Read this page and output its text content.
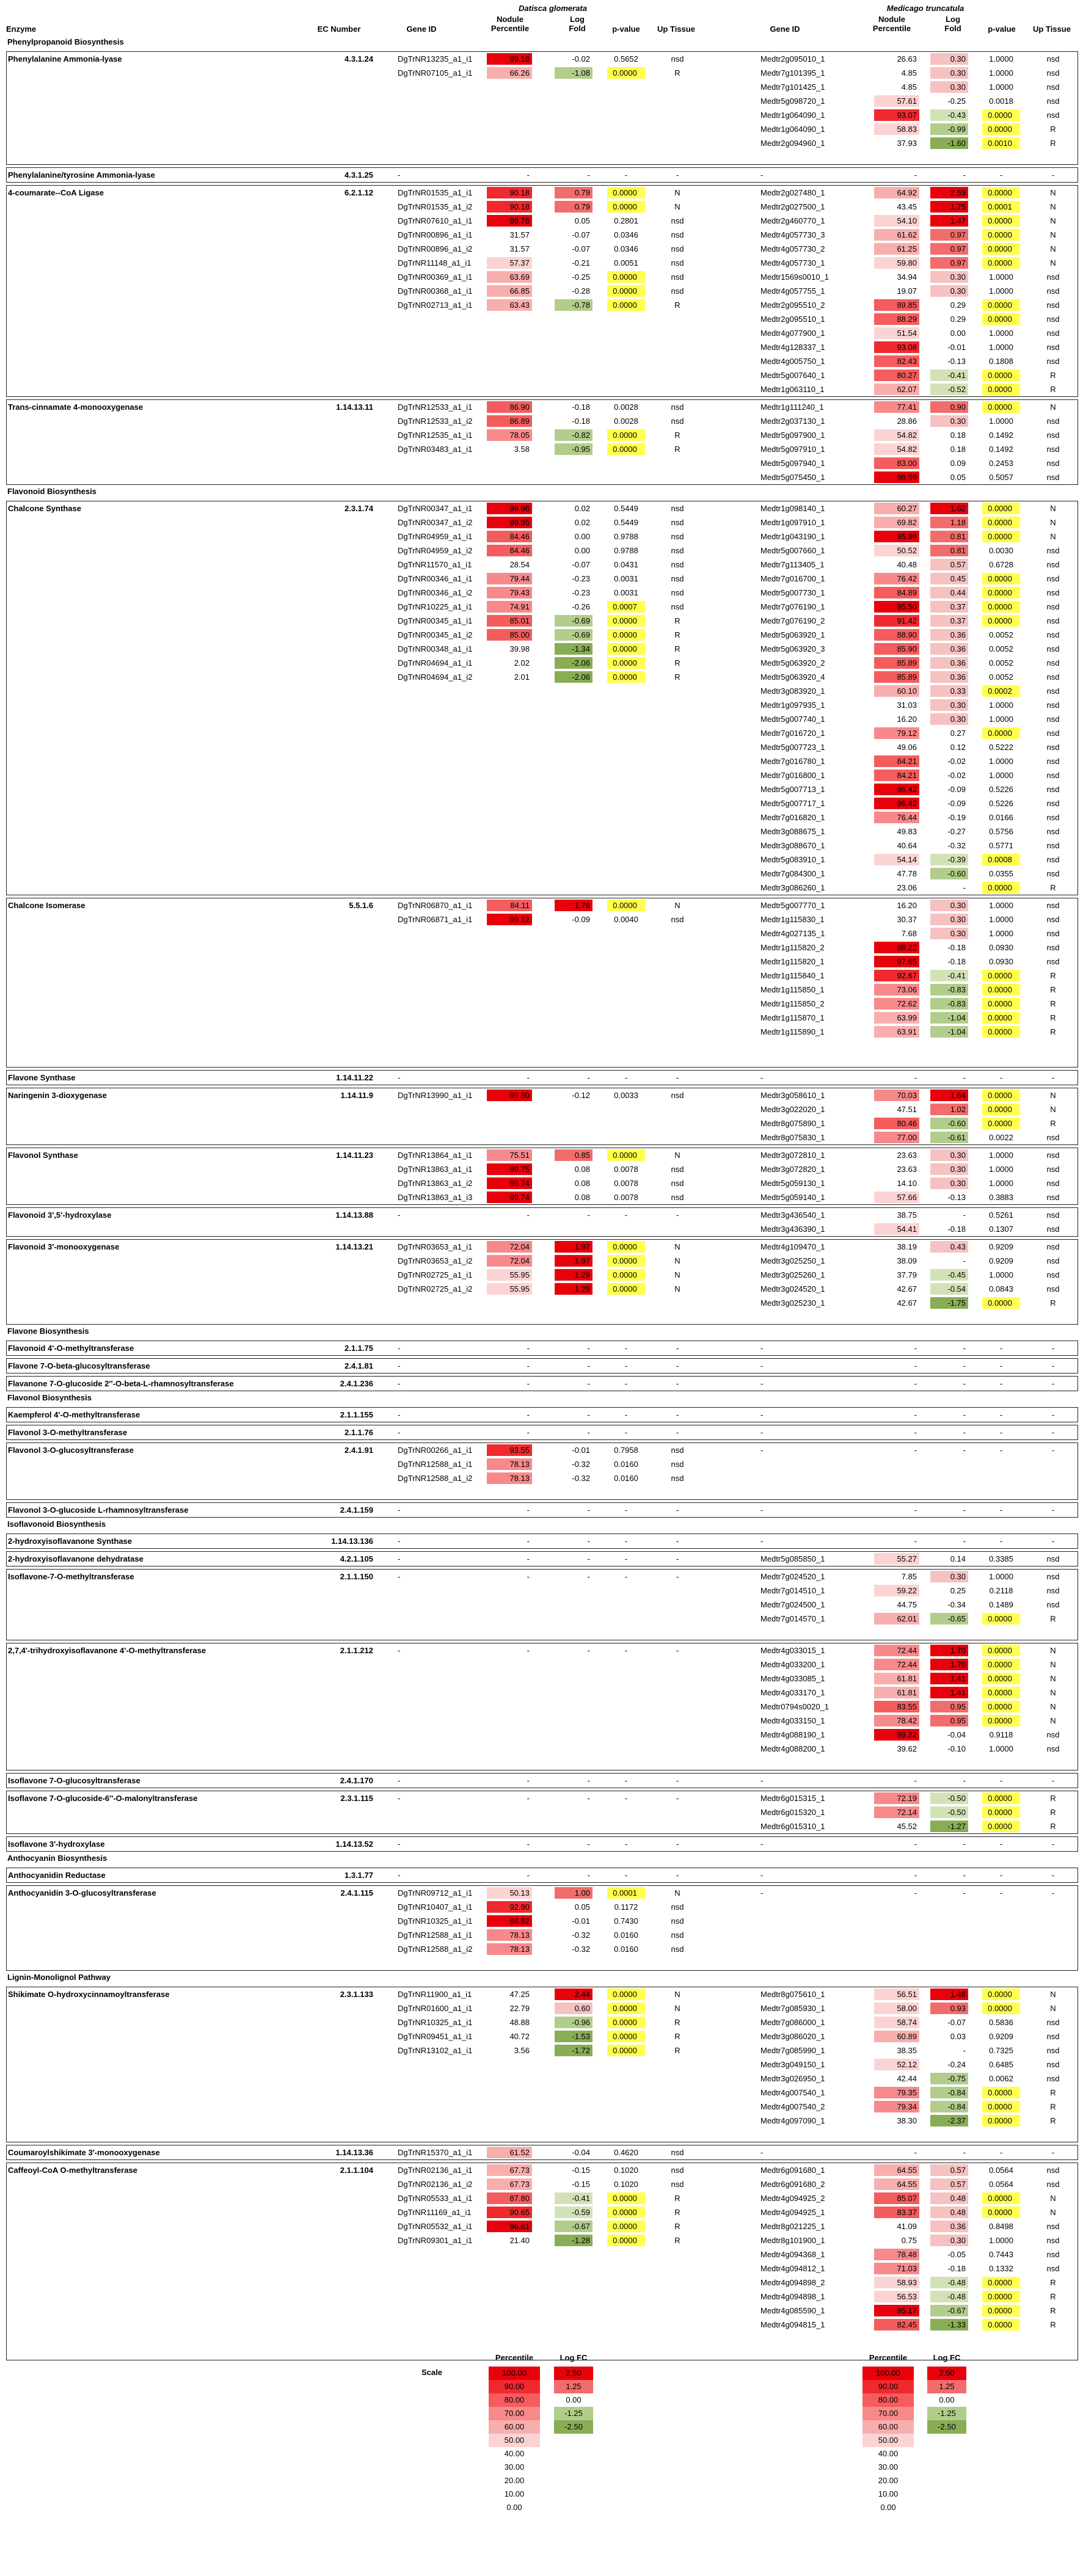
Datisca glomerata	Medicago truncatula
Enzyme	EC Number	Gene ID
Nodule
Percentile
Log
Fold	p-value	Up Tissue	Gene ID
Nodule
Percentile
Log
Fold	p-value	Up Tissue
Phenylpropanoid Biosynthesis
Phenylalanine Ammonia-lyase	4.3.1.24	DgTrNR13235_a1_i1	99.18	-0.02	0.5652	nsd	Medtr2g095010_1	26.63	0.30	1.0000	nsd
DgTrNR07105_a1_i1	66.26	-1.08	0.0000	R	Medtr7g101395_1	4.85	0.30	1.0000	nsd
Medtr7g101425_1	4.85	0.30	1.0000	nsd
Medtr5g098720_1	57.61	-0.25	0.0018	nsd
Medtr1g064090_1	93.07	-0.43	0.0000	nsd
Medtr1g064090_1	58.83	-0.99	0.0000	R
Medtr2g094960_1	37.93	-1.60	0.0010	R
Phenylalanine/tyrosine Ammonia-lyase	4.3.1.25	-	-	-	-	-	-	-	-	-	-
4-coumarate--CoA Ligase	6.2.1.12	DgTrNR01535_a1_i1	90.18	0.79	0.0000	N	Medtr2g027480_1	64.92	2.59	0.0000	N
DgTrNR01535_a1_i2	90.18	0.79	0.0000	N	Medtr2g027500_1	43.45	1.75	0.0001	N
DgTrNR07610_a1_i1	98.76	0.05	0.2801	nsd	Medtr2g460770_1	54.10	1.47	0.0000	N
DgTrNR00896_a1_i1	31.57	-0.07	0.0346	nsd	Medtr4g057730_3	61.62	0.97	0.0000	N
DgTrNR00896_a1_i2	31.57	-0.07	0.0346	nsd	Medtr4g057730_2	61.25	0.97	0.0000	N
DgTrNR11148_a1_i1	57.37	-0.21	0.0051	nsd	Medtr4g057730_1	59.80	0.97	0.0000	N
DgTrNR00369_a1_i1	63.69	-0.25	0.0000	nsd	Medtr1569s0010_1	34.94	0.30	1.0000	nsd
DgTrNR00368_a1_i1	66.85	-0.28	0.0000	nsd	Medtr4g057755_1	19.07	0.30	1.0000	nsd
DgTrNR02713_a1_i1	63.43	-0.78	0.0000	R	Medtr2g095510_2	89.85	0.29	0.0000	nsd
Medtr2g095510_1	88.29	0.29	0.0000	nsd
Medtr4g077900_1	51.54	0.00	1.0000	nsd
Medtr4g128337_1	93.08	-0.01	1.0000	nsd
Medtr4g005750_1	82.43	-0.13	0.1808	nsd
Medtr5g007640_1	80.27	-0.41	0.0000	R
Medtr1g063110_1	62.07	-0.52	0.0000	R
Trans-cinnamate 4-monooxygenase	1.14.13.11	DgTrNR12533_a1_i1	86.90	-0.18	0.0028	nsd	Medtr1g111240_1	77.41	0.90	0.0000	N
DgTrNR12533_a1_i2	86.89	-0.18	0.0028	nsd	Medtr2g037130_1	28.86	0.30	1.0000	nsd
DgTrNR12535_a1_i1	78.05	-0.82	0.0000	R	Medtr5g097900_1	54.82	0.18	0.1492	nsd
DgTrNR03483_a1_i1	3.58	-0.95	0.0000	R	Medtr5g097910_1	54.82	0.18	0.1492	nsd
Medtr5g097940_1	83.00	0.09	0.2453	nsd
Medtr5g075450_1	98.59	0.05	0.5057	nsd
Flavonoid Biosynthesis
Chalcone Synthase	2.3.1.74	DgTrNR00347_a1_i1	99.96	0.02	0.5449	nsd	Medtr1g098140_1	60.27	1.62	0.0000	N
DgTrNR00347_a1_i2	99.95	0.02	0.5449	nsd	Medtr1g097910_1	69.82	1.18	0.0000	N
DgTrNR04959_a1_i1	84.46	0.00	0.9788	nsd	Medtr1g043190_1	95.98	0.81	0.0000	N
DgTrNR04959_a1_i2	84.46	0.00	0.9788	nsd	Medtr5g007660_1	50.52	0.81	0.0030	nsd
DgTrNR11570_a1_i1	28.54	-0.07	0.0431	nsd	Medtr7g113405_1	40.48	0.57	0.6728	nsd
DgTrNR00346_a1_i1	79.44	-0.23	0.0031	nsd	Medtr7g016700_1	76.42	0.45	0.0000	nsd
DgTrNR00346_a1_i2	79.43	-0.23	0.0031	nsd	Medtr5g007730_1	84.89	0.44	0.0000	nsd
DgTrNR10225_a1_i1	74.91	-0.26	0.0007	nsd	Medtr7g076190_1	95.50	0.37	0.0000	nsd
DgTrNR00345_a1_i1	85.01	-0.69	0.0000	R	Medtr7g076190_2	91.42	0.37	0.0000	nsd
DgTrNR00345_a1_i2	85.00	-0.69	0.0000	R	Medtr5g063920_1	88.90	0.36	0.0052	nsd
DgTrNR00348_a1_i1	39.98	-1.34	0.0000	R	Medtr5g063920_3	85.90	0.36	0.0052	nsd
DgTrNR04694_a1_i1	2.02	-2.06	0.0000	R	Medtr5g063920_2	85.89	0.36	0.0052	nsd
DgTrNR04694_a1_i2	2.01	-2.06	0.0000	R	Medtr5g063920_4	85.89	0.36	0.0052	nsd
Medtr3g083920_1	60.10	0.33	0.0002	nsd
Medtr1g097935_1	31.03	0.30	1.0000	nsd
Medtr5g007740_1	16.20	0.30	1.0000	nsd
Medtr7g016720_1	79.12	0.27	0.0000	nsd
Medtr5g007723_1	49.06	0.12	0.5222	nsd
Medtr7g016780_1	84.21	-0.02	1.0000	nsd
Medtr7g016800_1	84.21	-0.02	1.0000	nsd
Medtr5g007713_1	96.42	-0.09	0.5226	nsd
Medtr5g007717_1	96.42	-0.09	0.5226	nsd
Medtr7g016820_1	76.44	-0.19	0.0166	nsd
Medtr3g088675_1	49.83	-0.27	0.5756	nsd
Medtr3g088670_1	40.64	-0.32	0.5771	nsd
Medtr5g083910_1	54.14	-0.39	0.0008	nsd
Medtr7g084300_1	47.78	-0.60	0.0355	nsd
Medtr3g086260_1	23.06	-	0.0000	R
Chalcone Isomerase	5.5.1.6	DgTrNR06870_a1_i1	84.11	1.76	0.0000	N	Medtr5g007770_1	16.20	0.30	1.0000	nsd
DgTrNR06871_a1_i1	99.12	-0.09	0.0040	nsd	Medtr1g115830_1	30.37	0.30	1.0000	nsd
Medtr4g027135_1	7.68	0.30	1.0000	nsd
Medtr1g115820_2	98.22	-0.18	0.0930	nsd
Medtr1g115820_1	97.65	-0.18	0.0930	nsd
Medtr1g115840_1	92.67	-0.41	0.0000	R
Medtr1g115850_1	73.06	-0.83	0.0000	R
Medtr1g115850_2	72.62	-0.83	0.0000	R
Medtr1g115870_1	63.99	-1.04	0.0000	R
Medtr1g115890_1	63.91	-1.04	0.0000	R
Flavone Synthase	1.14.11.22	-	-	-	-	-	-	-	-	-	-
Naringenin 3-dioxygenase	1.14.11.9	DgTrNR13990_a1_i1	99.80	-0.12	0.0033	nsd	Medtr3g058610_1	70.03	1.64	0.0000	N
Medtr3g022020_1	47.51	1.02	0.0000	N
Medtr8g075890_1	80.46	-0.60	0.0000	R
Medtr8g075830_1	77.00	-0.61	0.0022	nsd
Flavonol Synthase	1.14.11.23	DgTrNR13864_a1_i1	75.51	0.85	0.0000	N	Medtr3g072810_1	23.63	0.30	1.0000	nsd
DgTrNR13863_a1_i1	99.75	0.08	0.0078	nsd	Medtr3g072820_1	23.63	0.30	1.0000	nsd
DgTrNR13863_a1_i2	99.74	0.08	0.0078	nsd	Medtr5g059130_1	14.10	0.30	1.0000	nsd
DgTrNR13863_a1_i3	99.74	0.08	0.0078	nsd	Medtr5g059140_1	57.66	-0.13	0.3883	nsd
Flavonoid 3',5'-hydroxylase	1.14.13.88	-	-	-	-	-	Medtr3g436540_1	38.75	-	0.5261	nsd
Medtr3g436390_1	54.41	-0.18	0.1307	nsd
Flavonoid 3'-monooxygenase	1.14.13.21	DgTrNR03653_a1_i1	72.04	1.97	0.0000	N	Medtr4g109470_1	38.19	0.43	0.9209	nsd
DgTrNR03653_a1_i2	72.04	1.97	0.0000	N	Medtr3g025250_1	38.09	-	0.9209	nsd
DgTrNR02725_a1_i1	55.95	1.29	0.0000	N	Medtr3g025260_1	37.79	-0.45	1.0000	nsd
DgTrNR02725_a1_i2	55.95	1.29	0.0000	N	Medtr3g024520_1	42.67	-0.54	0.0843	nsd
Medtr3g025230_1	42.67	-1.75	0.0000	R
Flavone Biosynthesis
Flavonoid 4'-O-methyltransferase	2.1.1.75	-	-	-	-	-	-	-	-	-	-
Flavone 7-O-beta-glucosyltransferase	2.4.1.81	-	-	-	-	-	-	-	-	-	-
Flavanone 7-O-glucoside 2''-O-beta-L-rhamnosyltransferase	2.4.1.236	-	-	-	-	-	-	-	-	-	-
Flavonol Biosynthesis
Kaempferol 4'-O-methyltransferase	2.1.1.155	-	-	-	-	-	-	-	-	-	-
Flavonol 3-O-methyltransferase	2.1.1.76	-	-	-	-	-	-	-	-	-	-
Flavonol 3-O-glucosyltransferase	2.4.1.91	DgTrNR00266_a1_i1	93.55	-0.01	0.7958	nsd	-	-	-	-	-
DgTrNR12588_a1_i1	78.13	-0.32	0.0160	nsd
DgTrNR12588_a1_i2	78.13	-0.32	0.0160	nsd
Flavonol 3-O-glucoside L-rhamnosyltransferase	2.4.1.159	-	-	-	-	-	-	-	-	-	-
Isoflavonoid Biosynthesis
2-hydroxyisoflavanone Synthase	1.14.13.136	-	-	-	-	-	-	-	-	-	-
2-hydroxyisoflavanone dehydratase	4.2.1.105	-	-	-	-	-	Medtr5g085850_1	55.27	0.14	0.3385	nsd
Isoflavone-7-O-methyltransferase	2.1.1.150	-	-	-	-	-	Medtr7g024520_1	7.85	0.30	1.0000	nsd
Medtr7g014510_1	59.22	0.25	0.2118	nsd
Medtr7g024500_1	44.75	-0.34	0.1489	nsd
Medtr7g014570_1	62.01	-0.65	0.0000	R
2,7,4'-trihydroxyisoflavanone 4'-O-methyltransferase	2.1.1.212	-	-	-	-	-	Medtr4g033015_1	72.44	1.70	0.0000	N
Medtr4g033200_1	72.44	1.70	0.0000	N
Medtr4g033085_1	61.81	1.41	0.0000	N
Medtr4g033170_1	61.81	1.41	0.0000	N
Medtr0794s0020_1	83.55	0.95	0.0000	N
Medtr4g033150_1	78.42	0.95	0.0000	N
Medtr4g088190_1	99.22	-0.04	0.9118	nsd
Medtr4g088200_1	39.62	-0.10	1.0000	nsd
Isoflavone 7-O-glucosyltransferase	2.4.1.170	-	-	-	-	-	-	-	-	-	-
Isoflavone 7-O-glucoside-6''-O-malonyltransferase	2.3.1.115	-	-	-	-	-	Medtr6g015315_1	72.19	-0.50	0.0000	R
Medtr6g015320_1	72.14	-0.50	0.0000	R
Medtr6g015310_1	45.52	-1.27	0.0000	R
Isoflavone 3'-hydroxylase	1.14.13.52	-	-	-	-	-	-	-	-	-	-
Anthocyanin Biosynthesis
Anthocyanidin Reductase	1.3.1.77	-	-	-	-	-	-	-	-	-	-
Anthocyanidin 3-O-glucosyltransferase	2.4.1.115	DgTrNR09712_a1_i1	50.13	1.00	0.0001	N	-	-	-	-	-
DgTrNR10407_a1_i1	92.90	0.05	0.1172	nsd
DgTrNR10325_a1_i1	96.82	-0.01	0.7430	nsd
DgTrNR12588_a1_i1	78.13	-0.32	0.0160	nsd
DgTrNR12588_a1_i2	78.13	-0.32	0.0160	nsd
Lignin-Monolignol Pathway
Shikimate O-hydroxycinnamoyltransferase	2.3.1.133	DgTrNR11900_a1_i1	47.25	2.44	0.0000	N	Medtr8g075610_1	56.51	1.48	0.0000	N
DgTrNR01600_a1_i1	22.79	0.60	0.0000	N	Medtr7g085930_1	58.00	0.93	0.0000	N
DgTrNR10325_a1_i1	48.88	-0.96	0.0000	R	Medtr7g086000_1	58.74	-0.07	0.5836	nsd
DgTrNR09451_a1_i1	40.72	-1.53	0.0000	R	Medtr3g086020_1	60.89	0.03	0.9209	nsd
DgTrNR13102_a1_i1	3.56	-1.72	0.0000	R	Medtr7g085990_1	38.35	-	0.7325	nsd
Medtr3g049150_1	52.12	-0.24	0.6485	nsd
Medtr3g026950_1	42.44	-0.75	0.0062	nsd
Medtr4g007540_1	79.35	-0.84	0.0000	R
Medtr4g007540_2	79.34	-0.84	0.0000	R
Medtr4g097090_1	38.30	-2.37	0.0000	R
Coumaroylshikimate 3'-monooxygenase	1.14.13.36	DgTrNR15370_a1_i1	61.52	-0.04	0.4620	nsd	-	-	-	-	-
Caffeoyl-CoA O-methyltransferase	2.1.1.104	DgTrNR02136_a1_i1	67.73	-0.15	0.1020	nsd	Medtr6g091680_1	64.55	0.57	0.0564	nsd
DgTrNR02136_a1_i2	67.73	-0.15	0.1020	nsd	Medtr6g091680_2	64.55	0.57	0.0564	nsd
DgTrNR05533_a1_i1	87.80	-0.41	0.0000	R	Medtr4g094925_2	85.07	0.48	0.0000	N
DgTrNR11169_a1_i1	90.65	-0.59	0.0000	R	Medtr4g094925_1	83.37	0.48	0.0000	N
DgTrNR05532_a1_i1	96.61	-0.67	0.0000	R	Medtr8g021225_1	41.09	0.36	0.8498	nsd
DgTrNR09301_a1_i1	21.40	-1.28	0.0000	R	Medtr8g101900_1	0.75	0.30	1.0000	nsd
Medtr4g094368_1	78.48	-0.05	0.7443	nsd
Medtr4g094812_1	71.03	-0.18	0.1332	nsd
Medtr4g094898_2	58.93	-0.48	0.0000	R
Medtr4g094898_1	56.53	-0.48	0.0000	R
Medtr4g085590_1	95.17	-0.67	0.0000	R
Medtr4g094815_1	82.45	-1.33	0.0000	R
Scale
Percentile	Log FC	Percentile	Log FC
100.00
90.00
80.00
70.00
60.00
50.00
40.00
30.00
20.00
10.00
0.00
2.50
1.25
0.00
-1.25
-2.50
100.00
90.00
80.00
70.00
60.00
50.00
40.00
30.00
20.00
10.00
0.00
2.50
1.25
0.00
-1.25
-2.50
